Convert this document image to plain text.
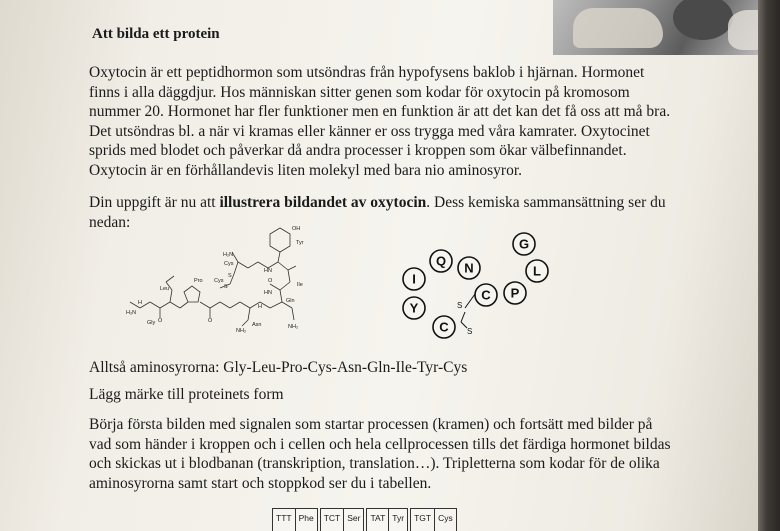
Att bilda ett protein
Oxytocin är ett peptidhormon som utsöndras från hypofysens baklob i hjärnan. Hormonet
finns i alla däggdjur. Hos människan sitter genen som kodar för oxytocin på kromosom
nummer 20. Hormonet har fler funktioner men en funktion är att det kan det få oss att må bra.
Det utsöndras bl. a när vi kramas eller känner er oss trygga med våra kamrater. Oxytocinet
sprids med blodet och påverkar då andra processer i kroppen som ökar välbefinnandet.
Oxytocin är en förhållandevis liten molekyl med bara nio aminosyror.
Din uppgift är nu att illustrera bildandet av oxytocin. Dess kemiska sammansättning ser du
nedan:	OH
Tyr
H₂N
Cys
S
S	Ile
Pro Cys
Leu
H₂N
Gly	Asn
Gln
NH₂
NH₂
O	O
O
HN
HN
H
H
G
L
P
C
N
Q
I
Y
C
S
S
Alltså aminosyrorna: Gly-Leu-Pro-Cys-Asn-Gln-Ile-Tyr-Cys
Lägg märke till proteinets form
Börja första bilden med signalen som startar processen (kramen) och fortsätt med bilder på
vad som händer i kroppen och i cellen och hela cellprocessen tills det färdiga hormonet bildas
och skickas ut i blodbanan (transkription, translation…). Tripletterna som kodar för de olika
aminosyrorna samt start och stoppkod ser du i tabellen.
TTT	Phe		TCT	Ser		TAT	Tyr		TGT	Cys
